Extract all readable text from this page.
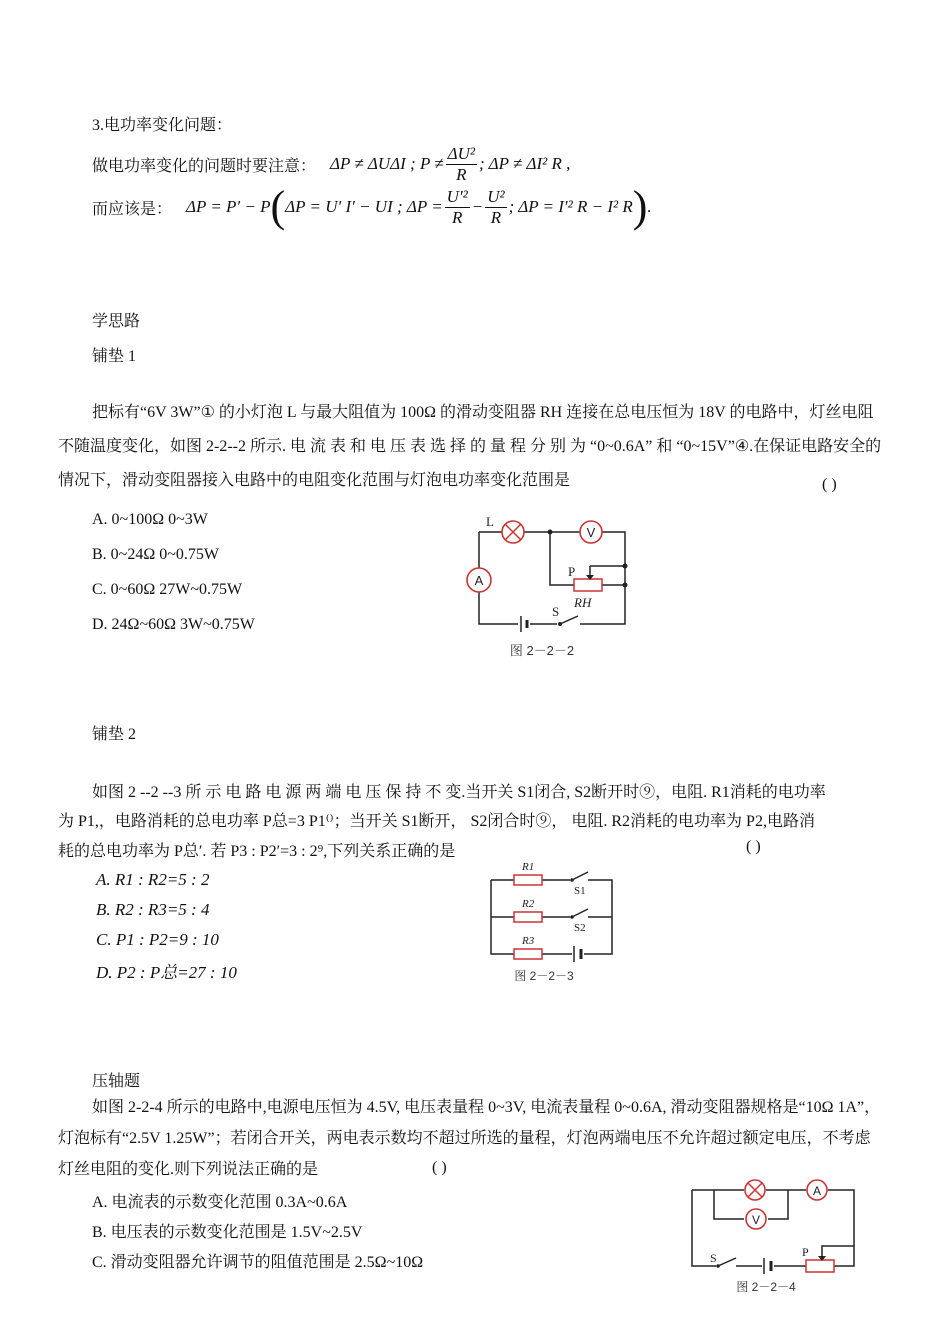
3.电功率变化问题：
做电功率变化的问题时要注意： ΔP ≠ ΔUΔI ; $P \ne \frac{\text{ΔU²}}{R}$ ; ΔP ≠ ΔI² R ,
而应该是： ΔP = P′ − P ( ΔP = U′ I′ − UI ; $\Delta P = \frac{\text{U′²}}{R} - \frac{\text{U²}}{R}$ ; ΔP = I′² R − I² R ) .
学思路
铺垫 1
把标有“6V 3W”① 的小灯泡 L 与最大阻值为 100Ω 的滑动变阻器 RH 连接在总电压恒为 18V 的电路中，灯丝电阻不随温度变化，如图 2-2--2 所示. 电 流 表 和 电 压 表 选 择 的 量 程 分 别 为 “0~0.6A” 和 “0~15V”④.在保证电路安全的情况下，滑动变阻器接入电路中的电阻变化范围与灯泡电功率变化范围是	( )
A. 0~100Ω 0~3W
B. 0~24Ω 0~0.75W
C. 0~60Ω 27W~0.75W
D. 24Ω~60Ω 3W~0.75W
V
A
L
P
RH
S
图 2－2－2
铺垫 2
如图 2 --2 --3 所 示 电 路 电 源 两 端 电 压 保 持 不 变.当开关 S1闭合, S2断开时⑨，电阻. R1消耗的电功率
为 P1,，电路消耗的总电功率 P总=3 P1⁽⁾；当开关 S1断开， S2闭合时⑨， 电阻. R2消耗的电功率为 P2,电路消
耗的总电功率为 P总′. 若 P3 : P2′=3 : 2⁹,下列关系正确的是	( )
A. R1 : R2=5 : 2
B. R2 : R3=5 : 4
C. P1 : P2=9 : 10
D. P2 : P总=27 : 10
R1
R2
R3
S1
S2
图 2－2－3
压轴题
如图 2-2-4 所示的电路中,电源电压恒为 4.5V, 电压表量程 0~3V, 电流表量程 0~0.6A, 滑动变阻器规格是“10Ω 1A”，灯泡标有“2.5V 1.25W”；若闭合开关，两电表示数均不超过所选的量程，灯泡两端电压不允许超过额定电压，不考虑灯丝电阻的变化.则下列说法正确的是	( )
A. 电流表的示数变化范围 0.3A~0.6A
B. 电压表的示数变化范围是 1.5V~2.5V
C. 滑动变阻器允许调节的阻值范围是 2.5Ω~10Ω
A
V
S	P
图 2－2－4
